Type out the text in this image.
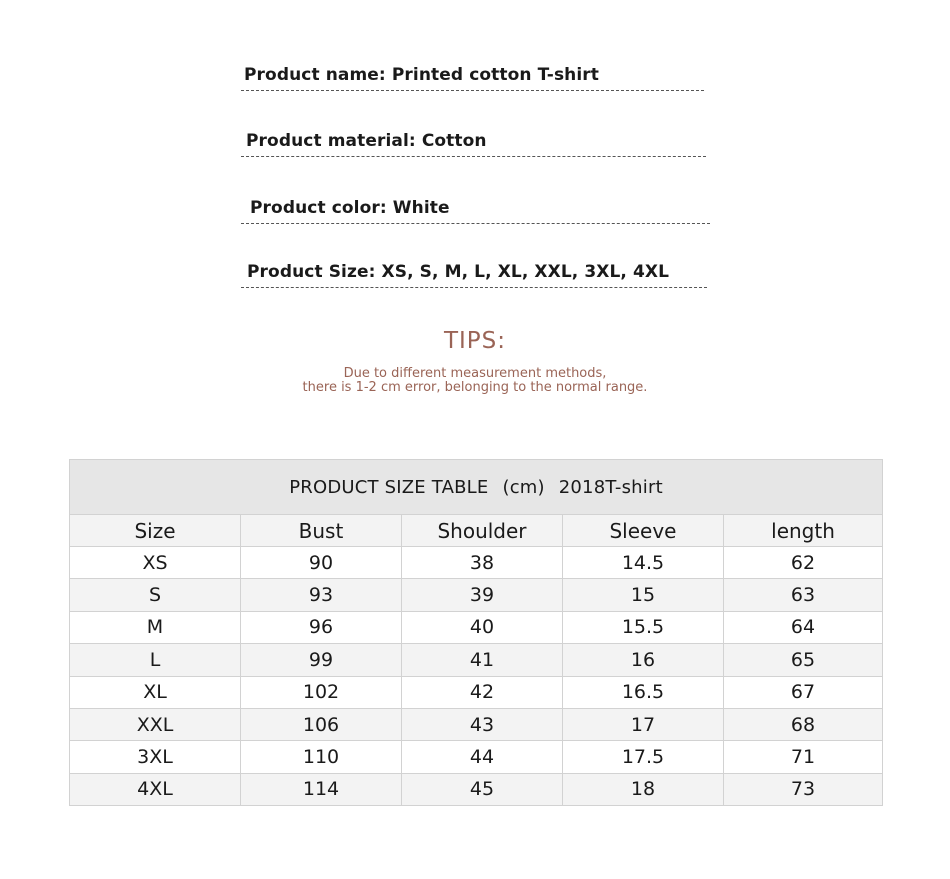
Product name: Printed cotton T-shirt
Product material: Cotton
Product color: White
Product Size: XS, S, M, L, XL, XXL, 3XL, 4XL
TIPS:
Due to different measurement methods,
there is 1-2 cm error, belonging to the normal range.
PRODUCT SIZE TABLE (cm) 2018T-shirt				
Size	Bust	Shoulder	Sleeve	length
XS	90	38	14.5	62
S	93	39	15	63
M	96	40	15.5	64
L	99	41	16	65
XL	102	42	16.5	67
XXL	106	43	17	68
3XL	110	44	17.5	71
4XL	114	45	18	73
